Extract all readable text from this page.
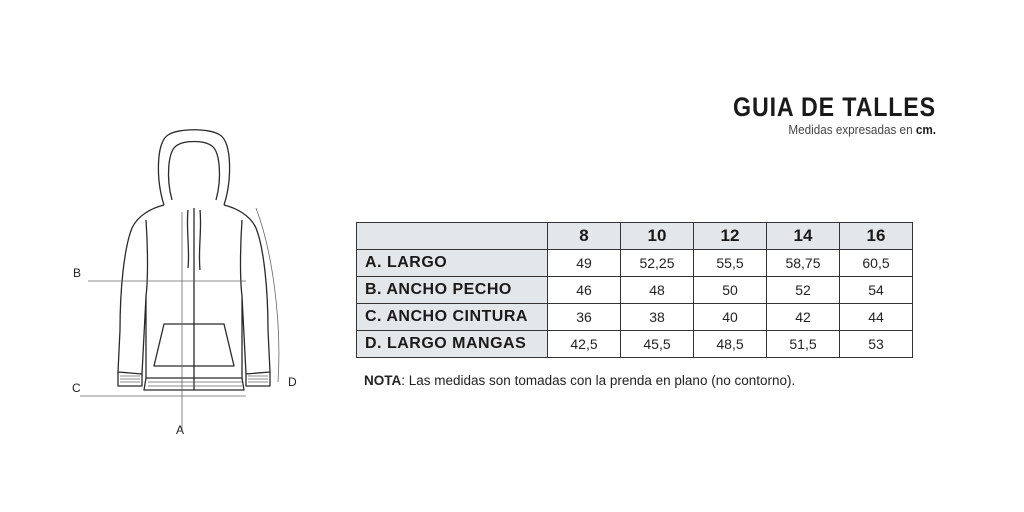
GUIA DE TALLES
Medidas expresadas en cm.
B
C
A
D
	8	10	12	14	16
A. LARGO	49	52,25	55,5	58,75	60,5
B. ANCHO PECHO	46	48	50	52	54
C. ANCHO CINTURA	36	38	40	42	44
D. LARGO MANGAS	42,5	45,5	48,5	51,5	53
NOTA: Las medidas son tomadas con la prenda en plano (no contorno).
